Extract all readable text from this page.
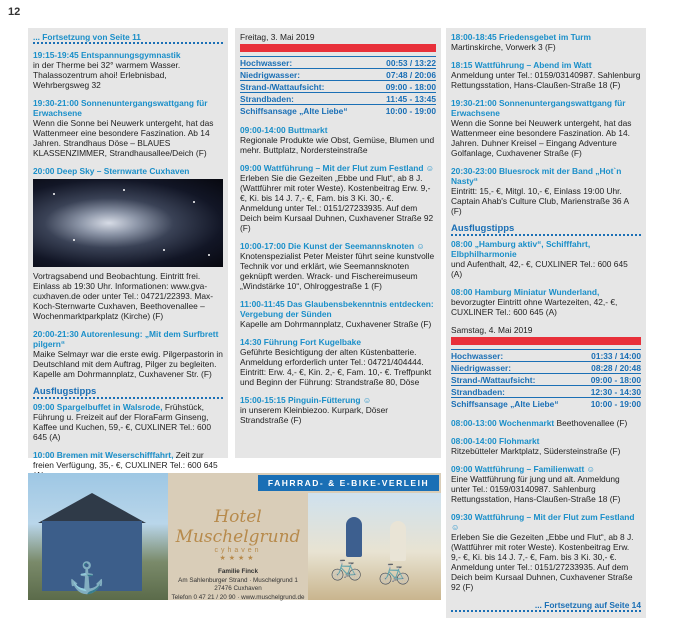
12
... Fortsetzung von Seite 11
19:15-19:45 Entspannungsgymnastik
in der Therme bei 32° warmem Wasser. Thalassozentrum ahoi! Erlebnisbad, Wehrbergsweg 32
19:30-21:00 Sonnenuntergangswattgang für Erwachsene
Wenn die Sonne bei Neuwerk untergeht, hat das Wattenmeer eine besondere Faszination. Ab 14 Jahren. Strandhaus Döse – BLAUES KLASSENZIMMER, Strandhausallee/Deich (F)
20:00 Deep Sky – Sternwarte Cuxhaven
Vortragsabend und Beobachtung. Eintritt frei. Einlass ab 19:30 Uhr. Informationen: www.gva-cuxhaven.de oder unter Tel.: 04721/22393. Max-Koch-Sternwarte Cuxhaven, Beethovenallee – Wochenmarktparkplatz (Kirche) (F)
20:00-21:30 Autorenlesung: „Mit dem Surfbrett pilgern“
Maike Selmayr war die erste ewig. Pilgerpastorin in Deutschland mit dem Auftrag, Pilger zu begleiten. Kapelle am Dohrmannplatz, Cuxhavener Str. (F)
Ausflugstipps
09:00 Spargelbuffet in Walsrode, Frühstück, Führung u. Freizeit auf der FloraFarm Ginseng, Kaffee und Kuchen, 59,- €, CUXLINER Tel.: 600 645 (A)
10:00 Bremen mit Weserschifffahrt, Zeit zur freien Verfügung, 35,- €, CUXLINER Tel.: 600 645
Freitag, 3. Mai 2019
Hochwasser:	00:53 / 13:22
Niedrigwasser:	07:48 / 20:06
Strand-/Wattaufsicht:	09:00 - 18:00
Strandbaden:	11:45 - 13:45
Schiffsansage „Alte Liebe“	10:00 - 19:00
09:00-14:00 Buttmarkt
Regionale Produkte wie Obst, Gemüse, Blumen und mehr. Buttplatz, Nordersteinstraße
09:00 Wattführung – Mit der Flut zum Festland ☺
Erleben Sie die Gezeiten „Ebbe und Flut“, ab 8 J. (Wattführer mit roter Weste). Kostenbeitrag Erw. 9,- €, Ki. bis 14 J. 7,- €, Fam. bis 3 Ki. 30,- €. Anmeldung unter Tel.: 0151/27233935. Auf dem Deich beim Kursaal Duhnen, Cuxhavener Straße 92 (F)
10:00-17:00 Die Kunst der Seemannsknoten ☺
Knotenspezialist Peter Meister führt seine kunstvolle Technik vor und erklärt, wie Seemannsknoten geknüpft werden. Wrack- und Fischereimuseum „Windstärke 10“, Ohlroggestraße 1 (F)
11:00-11:45 Das Glaubensbekenntnis entdecken: Vergebung der Sünden
Kapelle am Dohrmannplatz, Cuxhavener Straße (F)
14:30 Führung Fort Kugelbake
Geführte Besichtigung der alten Küstenbatterie. Anmeldung erforderlich unter Tel.: 04721/404444. Eintritt: Erw. 4,- €, Kin. 2,- €, Fam. 10,- €. Treffpunkt und Beginn der Führung: Strandstraße 80, Döse
15:00-15:15 Pinguin-Fütterung ☺
in unserem Kleinbiezoo. Kurpark, Döser Strandstraße (F)
18:00-18:45 Friedensgebet im Turm
Martinskirche, Vorwerk 3 (F)
18:15 Wattführung – Abend im Watt
Anmeldung unter Tel.: 0159/03140987. Sahlenburg Rettungsstation, Hans-Claußen-Straße 18 (F)
19:30-21:00 Sonnenuntergangswattgang für Erwachsene
Wenn die Sonne bei Neuwerk untergeht, hat das Wattenmeer eine besondere Faszination. Ab 14. Jahren. Duhner Kreisel – Eingang Adventure Golfanlage, Cuxhavener Straße (F)
20:30-23:00 Bluesrock mit der Band „Hot`n Nasty“
Eintritt: 15,- €, Mitgl. 10,- €, Einlass 19:00 Uhr. Captain Ahab's Culture Club, Marienstraße 36 A (F)
Ausflugstipps
08:00 „Hamburg aktiv“, Schifffahrt, Elbphilharmonie
und Aufenthalt, 42,- €, CUXLINER Tel.: 600 645 (A)
08:00 Hamburg Miniatur Wunderland,
bevorzugter Eintritt ohne Wartezeiten, 42,- €, CUXLINER Tel.: 600 645 (A)
Samstag, 4. Mai 2019
Hochwasser:	01:33 / 14:00
Niedrigwasser:	08:28 / 20:48
Strand-/Wattaufsicht:	09:00 - 18:00
Strandbaden:	12:30 - 14:30
Schiffsansage „Alte Liebe“	10:00 - 19:00
08:00-13:00 Wochenmarkt Beethovenallee (F)
08:00-14:00 Flohmarkt
Ritzebütteler Marktplatz, Südersteinstraße (F)
09:00 Wattführung – Familienwatt ☺
Eine Wattführung für jung und alt. Anmeldung unter Tel.: 0159/03140987. Sahlenburg Rettungsstation, Hans-Claußen-Straße 18 (F)
09:30 Wattführung – Mit der Flut zum Festland ☺
Erleben Sie die Gezeiten „Ebbe und Flut“, ab 8 J. (Wattführer mit roter Weste). Kostenbeitrag Erw. 9,- €, Ki. bis 14 J. 7,- €, Fam. bis 3 Ki. 30,- €. Anmeldung unter Tel.: 0151/27233935. Auf dem Deich beim Kursaal Duhnen, Cuxhavener Straße 92 (F)
... Fortsetzung auf Seite 14
⚓
Hotel Muschelgrund
cyhaven
★★★★
Familie Finck
Am Sahlenburger Strand · Muschelgrund 1
27476 Cuxhaven
Telefon 0 47 21 / 20 90 · www.muschelgrund.de
🚲 🚲
FAHRRAD- & E-BIKE-VERLEIH
